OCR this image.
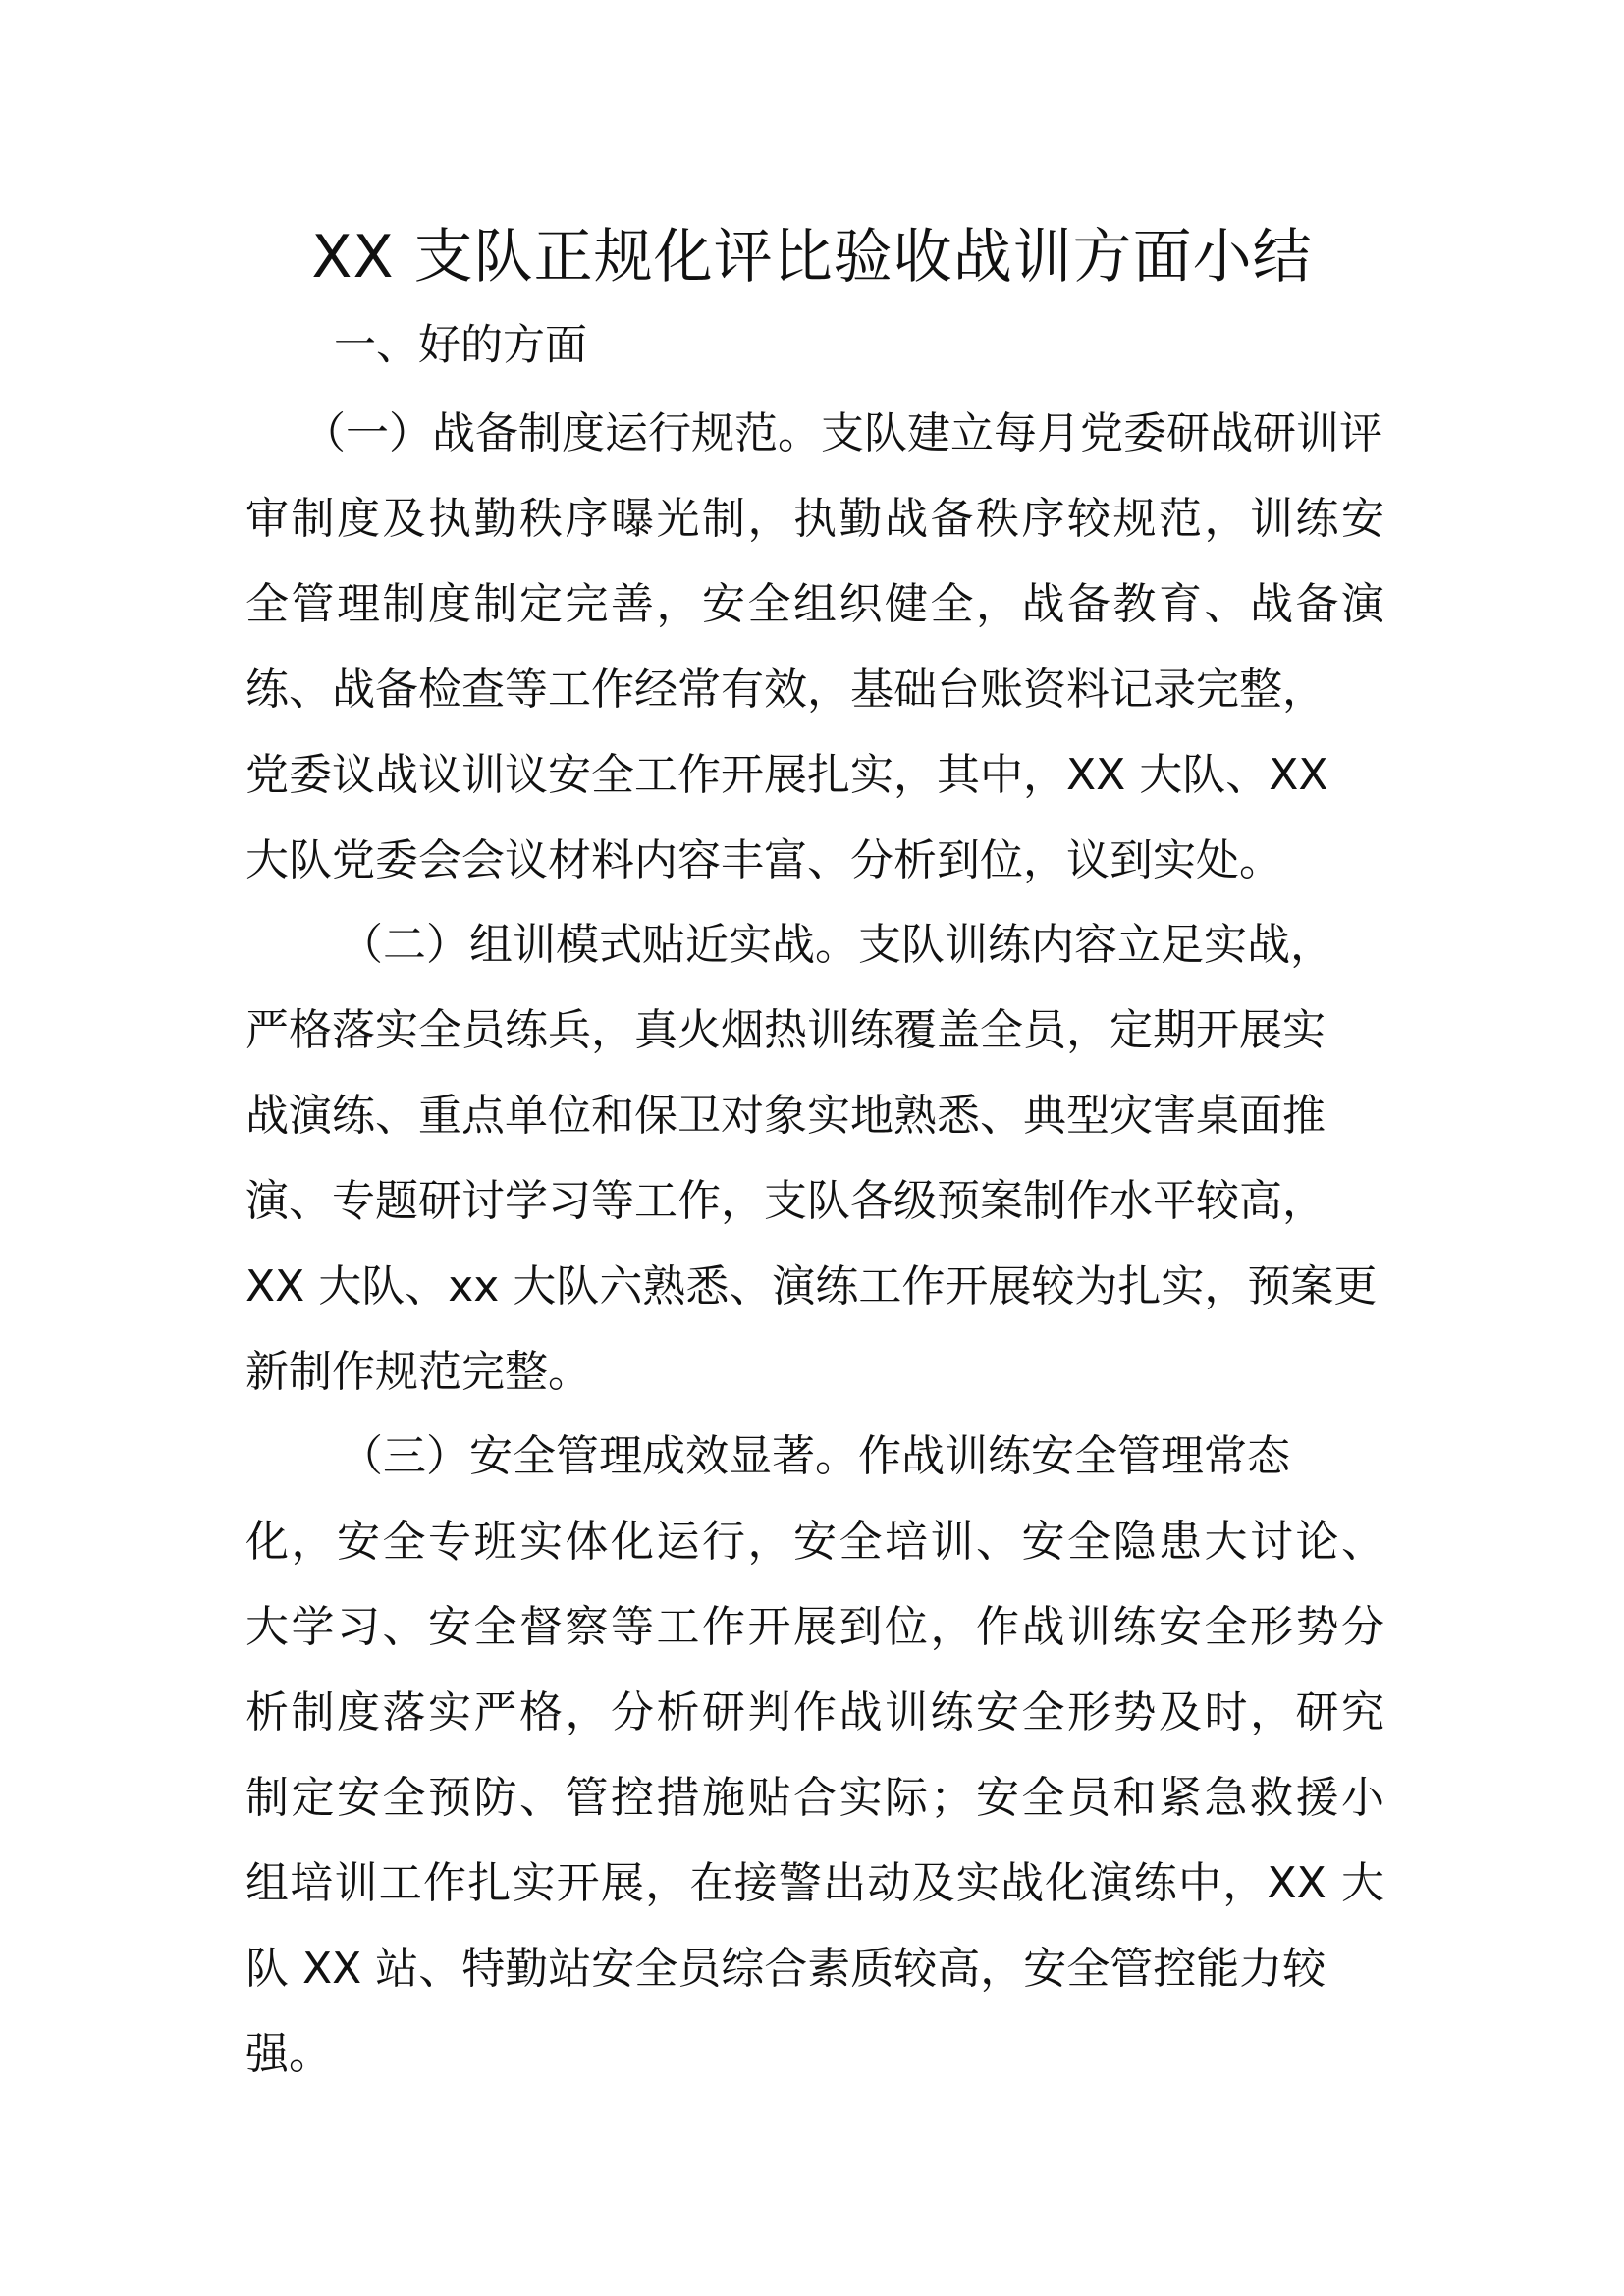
XX 支队正规化评比验收战训方面小结
一、好的方面
（一）战备制度运行规范。支队建立每月党委研战研训评
审制度及执勤秩序曝光制，执勤战备秩序较规范，训练安
全管理制度制定完善，安全组织健全，战备教育、战备演
练、战备检查等工作经常有效，基础台账资料记录完整，
党委议战议训议安全工作开展扎实，其中，XX 大队、XX
大队党委会会议材料内容丰富、分析到位，议到实处。
（二）组训模式贴近实战。支队训练内容立足实战，
严格落实全员练兵，真火烟热训练覆盖全员，定期开展实
战演练、重点单位和保卫对象实地熟悉、典型灾害桌面推
演、专题研讨学习等工作，支队各级预案制作水平较高，
XX 大队、xx 大队六熟悉、演练工作开展较为扎实，预案更
新制作规范完整。
（三）安全管理成效显著。作战训练安全管理常态
化，安全专班实体化运行，安全培训、安全隐患大讨论、
大学习、安全督察等工作开展到位，作战训练安全形势分
析制度落实严格，分析研判作战训练安全形势及时，研究
制定安全预防、管控措施贴合实际；安全员和紧急救援小
组培训工作扎实开展，在接警出动及实战化演练中，XX 大
队 XX 站、特勤站安全员综合素质较高，安全管控能力较
强。
